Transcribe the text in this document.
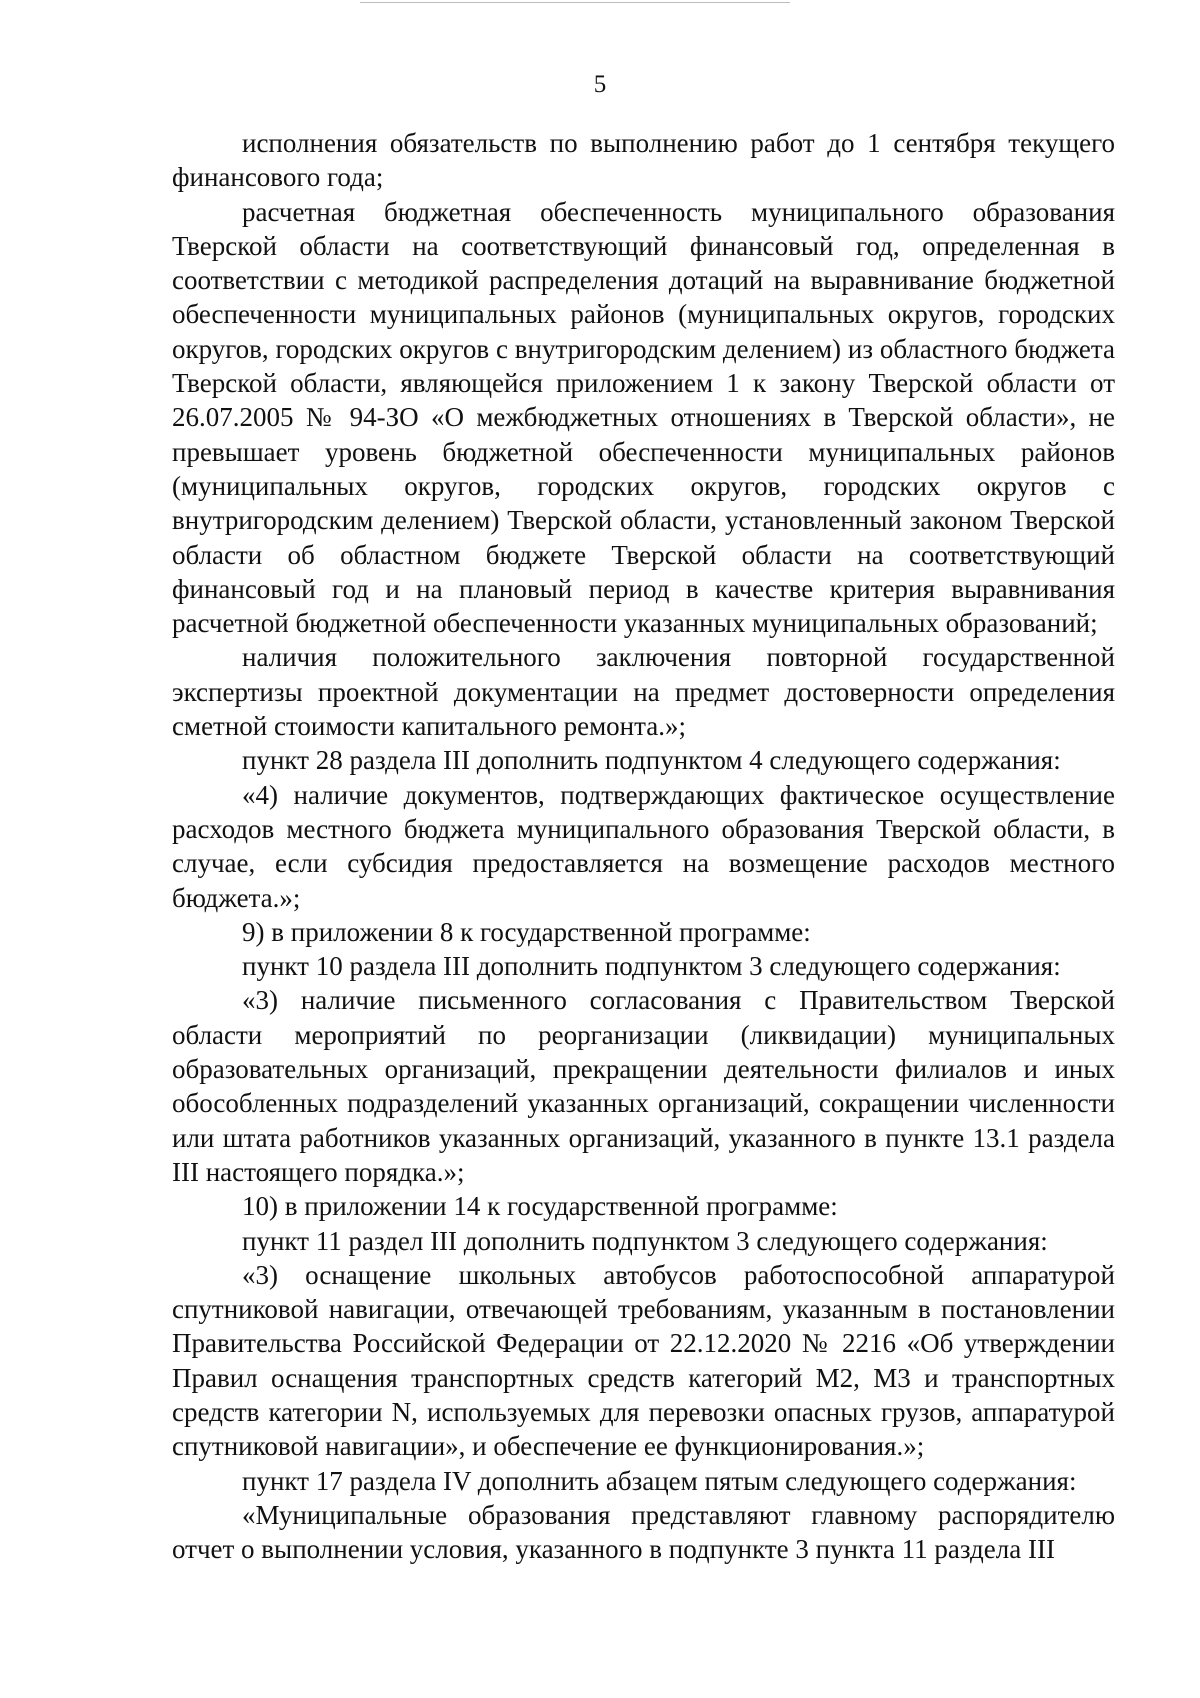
5

исполнения обязательств по выполнению работ до 1 сентября текущего финансового года;

расчетная бюджетная обеспеченность муниципального образования Тверской области на соответствующий финансовый год, определенная в соответствии с методикой распределения дотаций на выравнивание бюджетной обеспеченности муниципальных районов (муниципальных округов, городских округов, городских округов с внутригородским делением) из областного бюджета Тверской области, являющейся приложением 1 к закону Тверской области от 26.07.2005 № 94-ЗО «О межбюджетных отношениях в Тверской области», не превышает уровень бюджетной обеспеченности муниципальных районов (муниципальных округов, городских округов, городских округов с внутригородским делением) Тверской области, установленный законом Тверской области об областном бюджете Тверской области на соответствующий финансовый год и на плановый период в качестве критерия выравнивания расчетной бюджетной обеспеченности указанных муниципальных образований;

наличия положительного заключения повторной государственной экспертизы проектной документации на предмет достоверности определения сметной стоимости капитального ремонта.»;

пункт 28 раздела III дополнить подпунктом 4 следующего содержания:

«4) наличие документов, подтверждающих фактическое осуществление расходов местного бюджета муниципального образования Тверской области, в случае, если субсидия предоставляется на возмещение расходов местного бюджета.»;

9) в приложении 8 к государственной программе:

пункт 10 раздела III дополнить подпунктом 3 следующего содержания:

«3) наличие письменного согласования с Правительством Тверской области мероприятий по реорганизации (ликвидации) муниципальных образовательных организаций, прекращении деятельности филиалов и иных обособленных подразделений указанных организаций, сокращении численности или штата работников указанных организаций, указанного в пункте 13.1 раздела III настоящего порядка.»;

10) в приложении 14 к государственной программе:

пункт 11 раздел III дополнить подпунктом 3 следующего содержания:

«3) оснащение школьных автобусов работоспособной аппаратурой спутниковой навигации, отвечающей требованиям, указанным в постановлении Правительства Российской Федерации от 22.12.2020 № 2216 «Об утверждении Правил оснащения транспортных средств категорий М2, М3 и транспортных средств категории N, используемых для перевозки опасных грузов, аппаратурой спутниковой навигации», и обеспечение ее функционирования.»;

пункт 17 раздела IV дополнить абзацем пятым следующего содержания:

«Муниципальные образования представляют главному распорядителю отчет о выполнении условия, указанного в подпункте 3 пункта 11 раздела III
